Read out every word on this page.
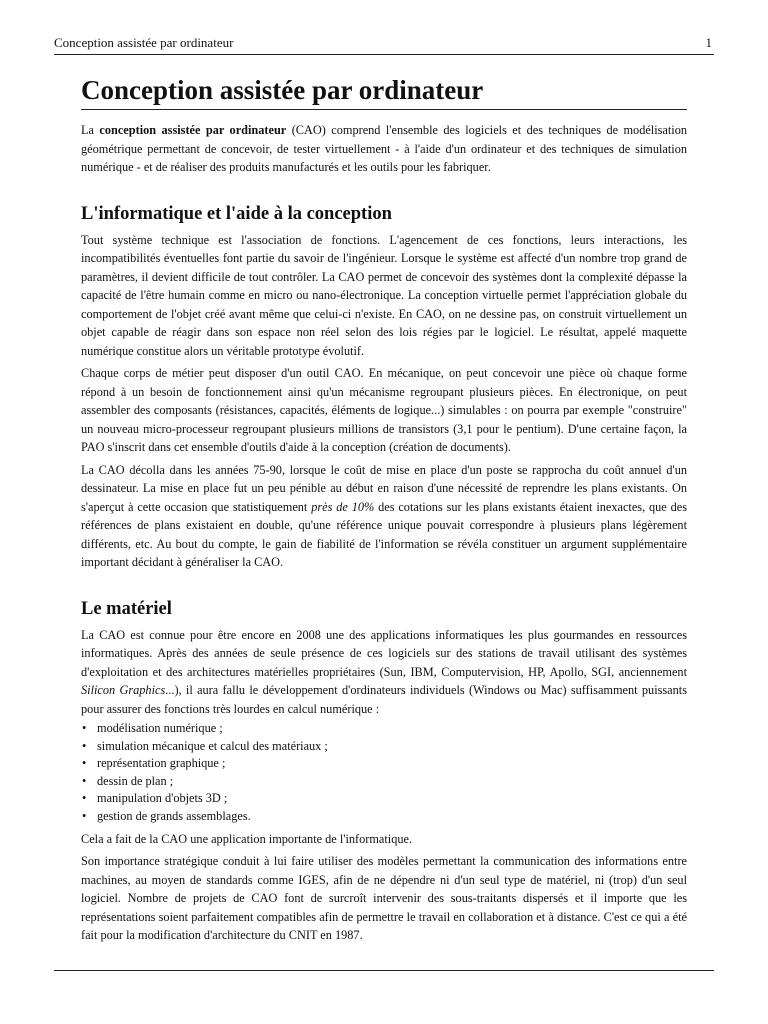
Conception assistée par ordinateur	1
Conception assistée par ordinateur

La conception assistée par ordinateur (CAO) comprend l'ensemble des logiciels et des techniques de modélisation géométrique permettant de concevoir, de tester virtuellement - à l'aide d'un ordinateur et des techniques de simulation numérique - et de réaliser des produits manufacturés et les outils pour les fabriquer.

L'informatique et l'aide à la conception

Tout système technique est l'association de fonctions. L'agencement de ces fonctions, leurs interactions, les incompatibilités éventuelles font partie du savoir de l'ingénieur. Lorsque le système est affecté d'un nombre trop grand de paramètres, il devient difficile de tout contrôler. La CAO permet de concevoir des systèmes dont la complexité dépasse la capacité de l'être humain comme en micro ou nano-électronique. La conception virtuelle permet l'appréciation globale du comportement de l'objet créé avant même que celui-ci n'existe. En CAO, on ne dessine pas, on construit virtuellement un objet capable de réagir dans son espace non réel selon des lois régies par le logiciel. Le résultat, appelé maquette numérique constitue alors un véritable prototype évolutif.

Chaque corps de métier peut disposer d'un outil CAO. En mécanique, on peut concevoir une pièce où chaque forme répond à un besoin de fonctionnement ainsi qu'un mécanisme regroupant plusieurs pièces. En électronique, on peut assembler des composants (résistances, capacités, éléments de logique...) simulables : on pourra par exemple "construire" un nouveau micro-processeur regroupant plusieurs millions de transistors (3,1 pour le pentium). D'une certaine façon, la PAO s'inscrit dans cet ensemble d'outils d'aide à la conception (création de documents).

La CAO décolla dans les années 75-90, lorsque le coût de mise en place d'un poste se rapprocha du coût annuel d'un dessinateur. La mise en place fut un peu pénible au début en raison d'une nécessité de reprendre les plans existants. On s'aperçut à cette occasion que statistiquement près de 10% des cotations sur les plans existants étaient inexactes, que des références de plans existaient en double, qu'une référence unique pouvait correspondre à plusieurs plans légèrement différents, etc. Au bout du compte, le gain de fiabilité de l'information se révéla constituer un argument supplémentaire important décidant à généraliser la CAO.

Le matériel

La CAO est connue pour être encore en 2008 une des applications informatiques les plus gourmandes en ressources informatiques. Après des années de seule présence de ces logiciels sur des stations de travail utilisant des systèmes d'exploitation et des architectures matérielles propriétaires (Sun, IBM, Computervision, HP, Apollo, SGI, anciennement Silicon Graphics...), il aura fallu le développement d'ordinateurs individuels (Windows ou Mac) suffisamment puissants pour assurer des fonctions très lourdes en calcul numérique :

• modélisation numérique ;
• simulation mécanique et calcul des matériaux ;
• représentation graphique ;
• dessin de plan ;
• manipulation d'objets 3D ;
• gestion de grands assemblages.

Cela a fait de la CAO une application importante de l'informatique.

Son importance stratégique conduit à lui faire utiliser des modèles permettant la communication des informations entre machines, au moyen de standards comme IGES, afin de ne dépendre ni d'un seul type de matériel, ni (trop) d'un seul logiciel. Nombre de projets de CAO font de surcroît intervenir des sous-traitants dispersés et il importe que les représentations soient parfaitement compatibles afin de permettre le travail en collaboration et à distance. C'est ce qui a été fait pour la modification d'architecture du CNIT en 1987.
